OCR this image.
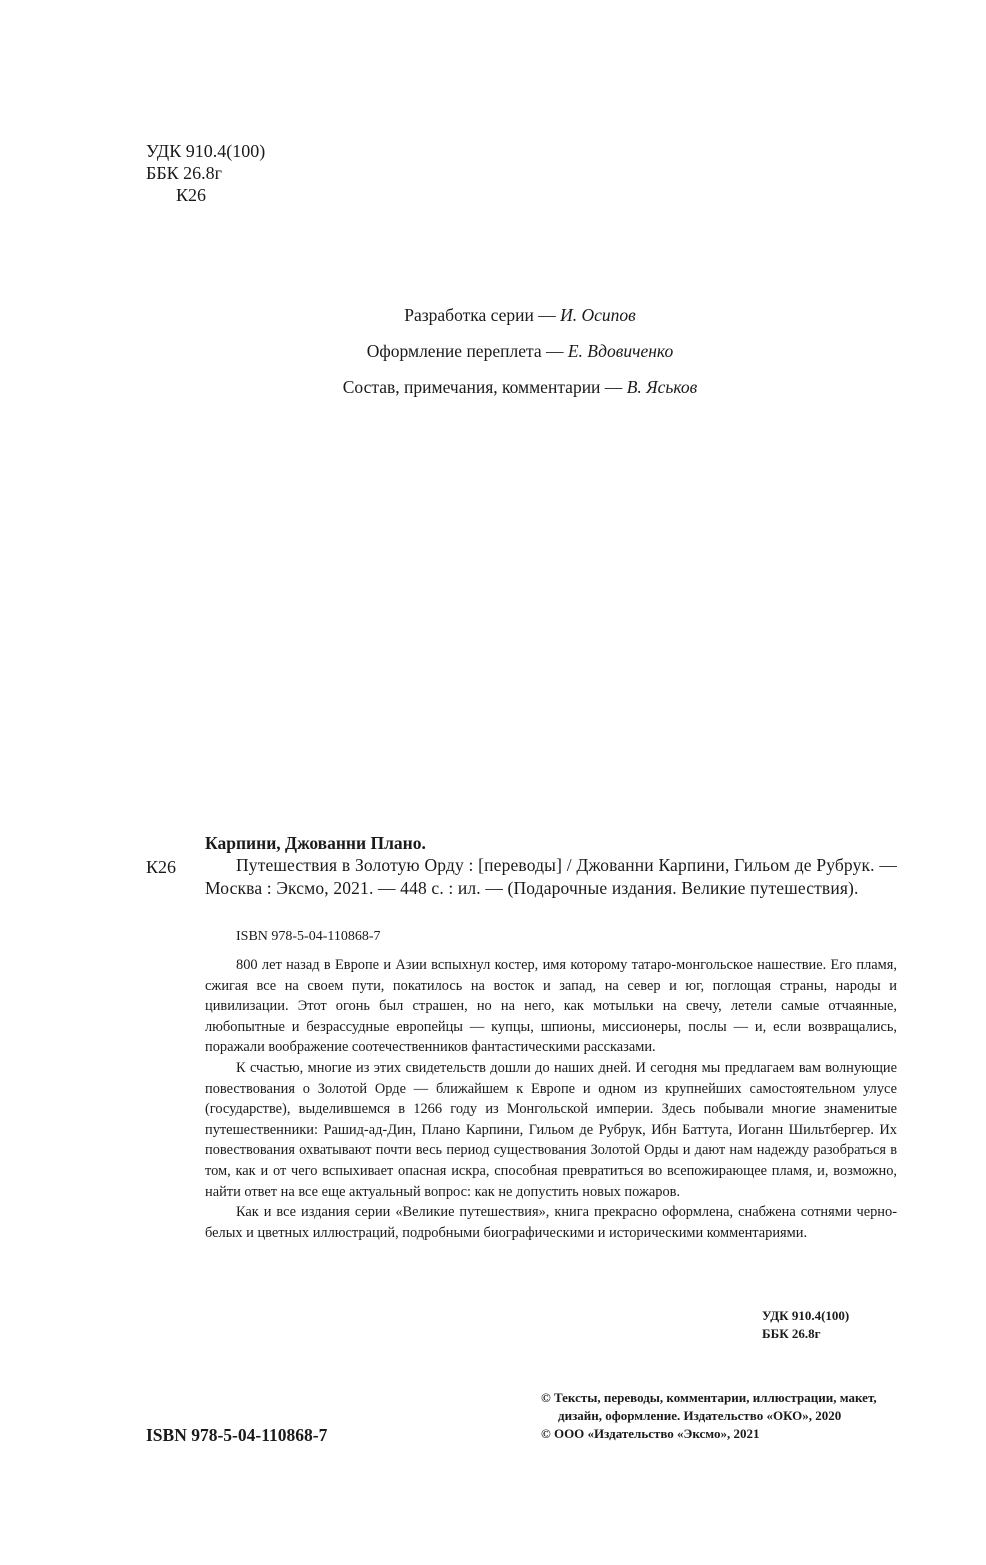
УДК 910.4(100)
ББК 26.8г
К26
Разработка серии — И. Осипов
Оформление переплета — Е. Вдовиченко
Состав, примечания, комментарии — В. Яськов
Карпини, Джованни Плано.
К26	Путешествия в Золотую Орду : [переводы] / Джованни Карпини, Гильом де Рубрук. — Москва : Эксмо, 2021. — 448 с. : ил. — (Подарочные издания. Великие путешествия).
ISBN 978-5-04-110868-7

800 лет назад в Европе и Азии вспыхнул костер, имя которому татаро-монгольское нашествие. Его пламя, сжигая все на своем пути, покатилось на восток и запад, на север и юг, поглощая страны, народы и цивилизации. Этот огонь был страшен, но на него, как мотыльки на свечу, летели самые отчаянные, любопытные и безрассудные европейцы — купцы, шпионы, миссионеры, послы — и, если возвращались, поражали воображение соотечественников фантастическими рассказами.

К счастью, многие из этих свидетельств дошли до наших дней. И сегодня мы предлагаем вам волнующие повествования о Золотой Орде — ближайшем к Европе и одном из крупнейших самостоятельном улусе (государстве), выделившемся в 1266 году из Монгольской империи. Здесь побывали многие знаменитые путешественники: Рашид-ад-Дин, Плано Карпини, Гильом де Рубрук, Ибн Баттута, Иоганн Шильтбергер. Их повествования охватывают почти весь период существования Золотой Орды и дают нам надежду разобраться в том, как и от чего вспыхивает опасная искра, способная превратиться во всепожирающее пламя, и, возможно, найти ответ на все еще актуальный вопрос: как не допустить новых пожаров.

Как и все издания серии «Великие путешествия», книга прекрасно оформлена, снабжена сотнями черно-белых и цветных иллюстраций, подробными биографическими и историческими комментариями.

УДК 910.4(100)
ББК 26.8г
ISBN 978-5-04-110868-7
© Тексты, переводы, комментарии, иллюстрации, макет,
дизайн, оформление. Издательство «ОКО», 2020
© ООО «Издательство «Эксмо», 2021
